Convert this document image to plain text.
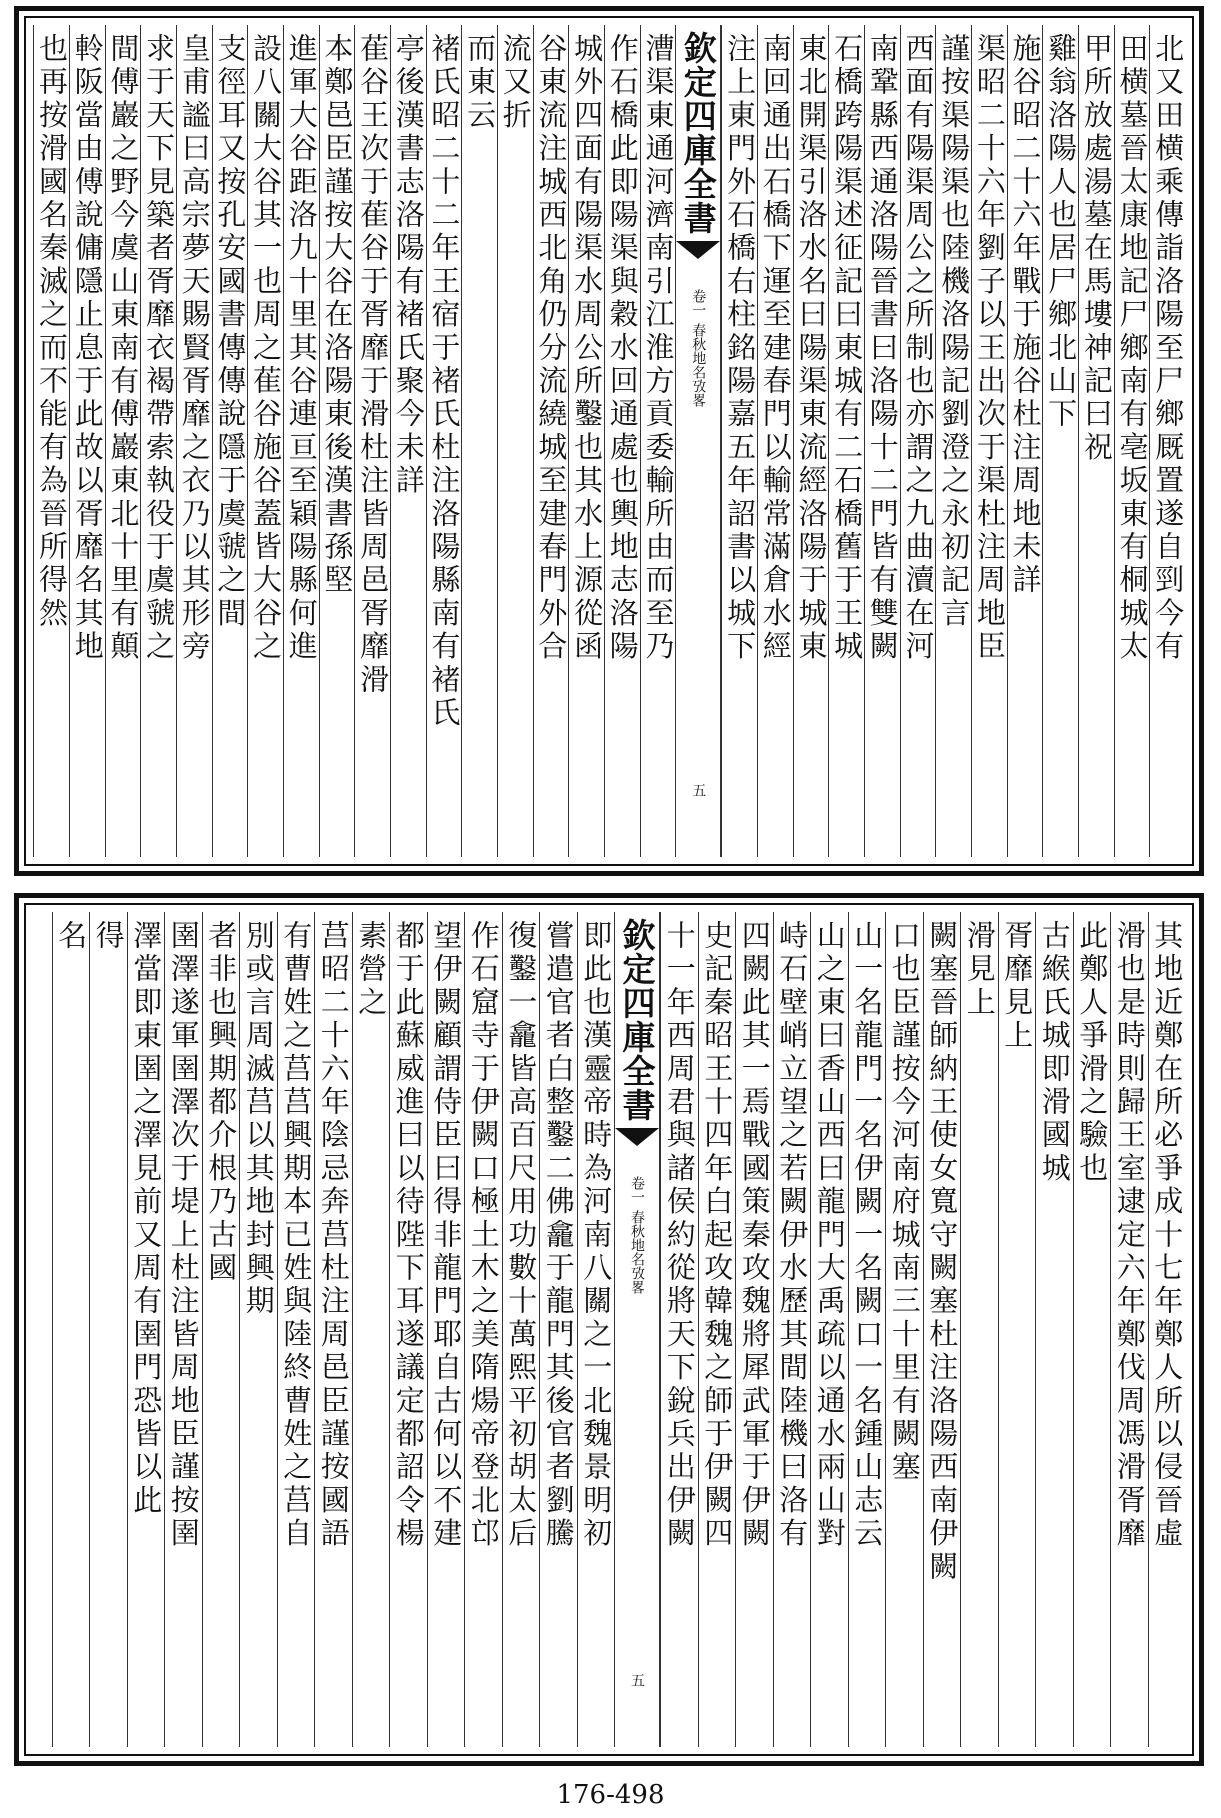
北又田横乘傳詣洛陽至尸鄉厩置遂自剄今有
田横墓晉太康地記尸鄉南有亳坂東有桐城太
甲所放處湯墓在馬塿神記曰祝
雞翁洛陽人也居尸鄉北山下
施谷昭二十六年戰于施谷杜注周地未詳
渠昭二十六年劉子以王出次于渠杜注周地臣
謹按渠陽渠也陸機洛陽記劉澄之永初記言
西面有陽渠周公之所制也亦謂之九曲瀆在河
南鞏縣西通洛陽晉書曰洛陽十二門皆有雙闕
石橋跨陽渠述征記曰東城有二石橋舊于王城
東北開渠引洛水名曰陽渠東流經洛陽于城東
南回通出石橋下運至建春門以輸常滿倉水經
注上東門外石橋右柱銘陽嘉五年詔書以城下
欽定四庫全書
卷一
春秋地名攷畧
五
漕渠東通河濟南引江淮方貢委輸所由而至乃
作石橋此即陽渠與穀水回通處也輿地志洛陽
城外四面有陽渠水周公所鑿也其水上源從函
谷東流注城西北角仍分流繞城至建春門外合
流又折
而東云
褚氏昭二十二年王宿于褚氏杜注洛陽縣南有褚氏
亭後漢書志洛陽有褚氏聚今未詳
萑谷王次于萑谷于胥靡于滑杜注皆周邑胥靡滑
本鄭邑臣謹按大谷在洛陽東後漢書孫堅
進軍大谷距洛九十里其谷連亘至穎陽縣何進
設八關大谷其一也周之萑谷施谷蓋皆大谷之
支徑耳又按孔安國書傳傳說隱于虞虢之間
皇甫謐曰高宗夢天賜賢胥靡之衣乃以其形旁
求于天下見築者胥靡衣褐帶索執役于虞虢之
間傅巖之野今虞山東南有傅巖東北十里有顛
軨阪當由傅說傭隱止息于此故以胥靡名其地
也再按滑國名秦滅之而不能有為晉所得然
其地近鄭在所必爭成十七年鄭人所以侵晉虛
滑也是時則歸王室逮定六年鄭伐周馮滑胥靡
此鄭人爭滑之驗也
古緱氏城即滑國城
胥靡見上
滑見上
闕塞晉師納王使女寬守闕塞杜注洛陽西南伊闕
口也臣謹按今河南府城南三十里有闕塞
山一名龍門一名伊闕一名闕口一名鍾山志云
山之東曰香山西曰龍門大禹疏以通水兩山對
峙石壁峭立望之若闕伊水歷其間陸機曰洛有
四闕此其一焉戰國策秦攻魏將犀武軍于伊闕
史記秦昭王十四年白起攻韓魏之師于伊闕四
十一年西周君與諸侯約從將天下銳兵出伊闕
欽定四庫全書
卷一
春秋地名攷畧
五
即此也漢靈帝時為河南八關之一北魏景明初
嘗遣官者白整鑿二佛龕于龍門其後官者劉騰
復鑿一龕皆高百尺用功數十萬熙平初胡太后
作石窟寺于伊闕口極土木之美隋煬帝登北邙
望伊闕顧謂侍臣曰得非龍門耶自古何以不建
都于此蘇威進曰以待陛下耳遂議定都詔令楊
素營之
莒昭二十六年陰忌奔莒杜注周邑臣謹按國語
有曹姓之莒莒興期本已姓與陸終曹姓之莒自
別或言周滅莒以其地封興期
者非也興期都介根乃古國
圉澤遂軍圉澤次于堤上杜注皆周地臣謹按圉
澤當即東圉之澤見前又周有圉門恐皆以此
得
名
176-498
